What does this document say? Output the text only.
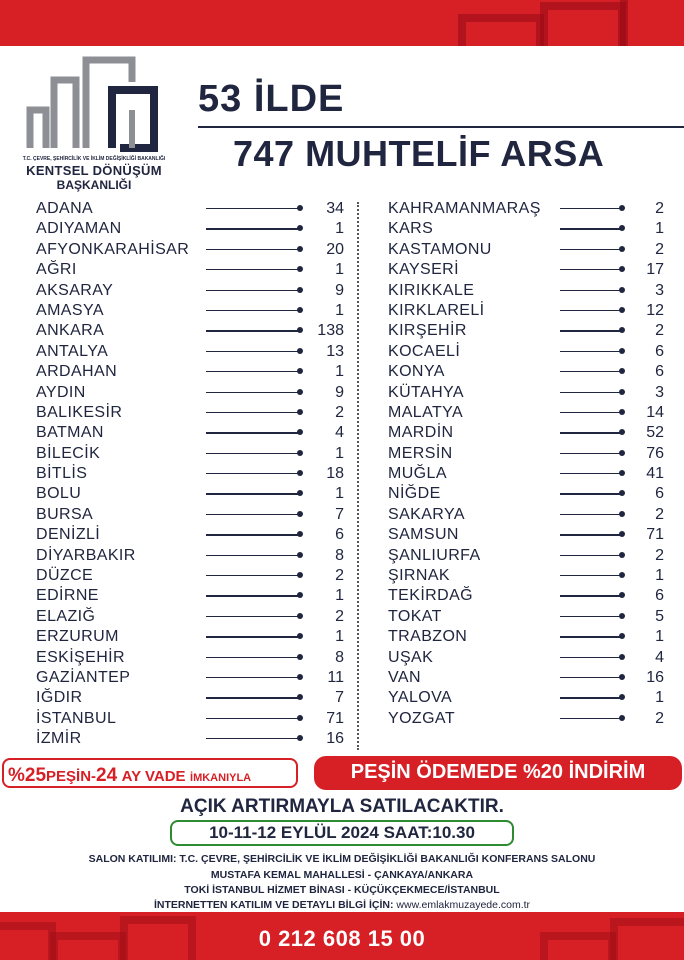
T.C. ÇEVRE, ŞEHİRCİLİK VE İKLİM DEĞİŞİKLİĞİ BAKANLIĞI
KENTSEL DÖNÜŞÜM
BAŞKANLIĞI
53 İLDE
747 MUHTELİF ARSA
ADANA	34
ADIYAMAN	1
AFYONKARAHİSAR	20
AĞRI	1
AKSARAY	9
AMASYA	1
ANKARA	138
ANTALYA	13
ARDAHAN	1
AYDIN	9
BALIKESİR	2
BATMAN	4
BİLECİK	1
BİTLİS	18
BOLU	1
BURSA	7
DENİZLİ	6
DİYARBAKIR	8
DÜZCE	2
EDİRNE	1
ELAZIĞ	2
ERZURUM	1
ESKİŞEHİR	8
GAZİANTEP	11
IĞDIR	7
İSTANBUL	71
İZMİR	16
KAHRAMANMARAŞ	2
KARS	1
KASTAMONU	2
KAYSERİ	17
KIRIKKALE	3
KIRKLARELİ	12
KIRŞEHİR	2
KOCAELİ	6
KONYA	6
KÜTAHYA	3
MALATYA	14
MARDİN	52
MERSİN	76
MUĞLA	41
NİĞDE	6
SAKARYA	2
SAMSUN	71
ŞANLIURFA	2
ŞIRNAK	1
TEKİRDAĞ	6
TOKAT	5
TRABZON	1
UŞAK	4
VAN	16
YALOVA	1
YOZGAT	2
%25PEŞİN-24 AY VADE İMKANIYLA	PEŞİN ÖDEMEDE %20 İNDİRİM
AÇIK ARTIRMAYLA SATILACAKTIR.
10-11-12 EYLÜL 2024 SAAT:10.30
SALON KATILIMI: T.C. ÇEVRE, ŞEHİRCİLİK VE İKLİM DEĞİŞİKLİĞİ BAKANLIĞI KONFERANS SALONU
MUSTAFA KEMAL MAHALLESİ - ÇANKAYA/ANKARA
TOKİ İSTANBUL HİZMET BİNASI - KÜÇÜKÇEKMECE/İSTANBUL
İNTERNETTEN KATILIM VE DETAYLI BİLGİ İÇİN: www.emlakmuzayede.com.tr
0 212 608 15 00
